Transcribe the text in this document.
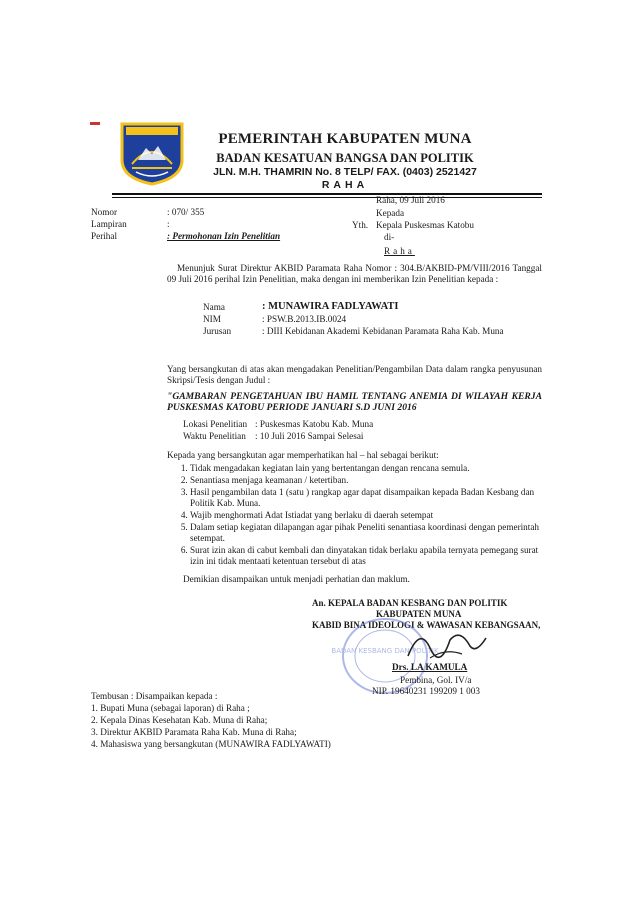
PEMERINTAH KABUPATEN MUNA
BADAN KESATUAN BANGSA DAN POLITIK
JLN. M.H. THAMRIN No. 8 TELP/ FAX. (0403) 2521427
RAHA
Nomor	: 070/ 355
Lampiran	:
Perihal	: Permohonan Izin Penelitian
Raha, 09 Juli 2016
Kepada
Yth. Kepala Puskesmas Katobu
di-
Raha
Menunjuk Surat Direktur AKBID Paramata Raha Nomor : 304.B/AKBID-PM/VIII/2016 Tanggal 09 Juli 2016 perihal Izin Penelitian, maka dengan ini memberikan Izin Penelitian kepada :
Nama	: MUNAWIRA FADLYAWATI
NIM	: PSW.B.2013.IB.0024
Jurusan	: DIII Kebidanan Akademi Kebidanan Paramata Raha Kab. Muna
Yang bersangkutan di atas akan mengadakan Penelitian/Pengambilan Data dalam rangka penyusunan Skripsi/Tesis dengan Judul :
"GAMBARAN PENGETAHUAN IBU HAMIL TENTANG ANEMIA DI WILAYAH KERJA PUSKESMAS KATOBU PERIODE JANUARI S.D JUNI 2016
Lokasi Penelitian : Puskesmas Katobu Kab. Muna
Waktu Penelitian : 10 Juli 2016 Sampai Selesai
Kepada yang bersangkutan agar memperhatikan hal – hal sebagai berikut:
1. Tidak mengadakan kegiatan lain yang bertentangan dengan rencana semula.
2. Senantiasa menjaga keamanan / ketertiban.
3. Hasil pengambilan data 1 (satu ) rangkap agar dapat disampaikan kepada Badan Kesbang dan Politik Kab. Muna.
4. Wajib menghormati Adat Istiadat yang berlaku di daerah setempat
5. Dalam setiap kegiatan dilapangan agar pihak Peneliti senantiasa koordinasi dengan pemerintah setempat.
6. Surat izin akan di cabut kembali dan dinyatakan tidak berlaku apabila ternyata pemegang surat izin ini tidak mentaati ketentuan tersebut di atas
Demikian disampaikan untuk menjadi perhatian dan maklum.
An. KEPALA BADAN KESBANG DAN POLITIK
KABUPATEN MUNA
KABID BINA IDEOLOGI & WAWASAN KEBANGSAAN,
BADAN KESBANG DAN POLITIK
Drs. LA KAMULA
Pembina, Gol. IV/a
NIP. 19640231 199209 1 003
Tembusan : Disampaikan kepada :
1. Bupati Muna (sebagai laporan) di Raha ;
2. Kepala Dinas Kesehatan Kab. Muna di Raha;
3. Direktur AKBID Paramata Raha Kab. Muna di Raha;
4. Mahasiswa yang bersangkutan (MUNAWIRA FADLYAWATI)
